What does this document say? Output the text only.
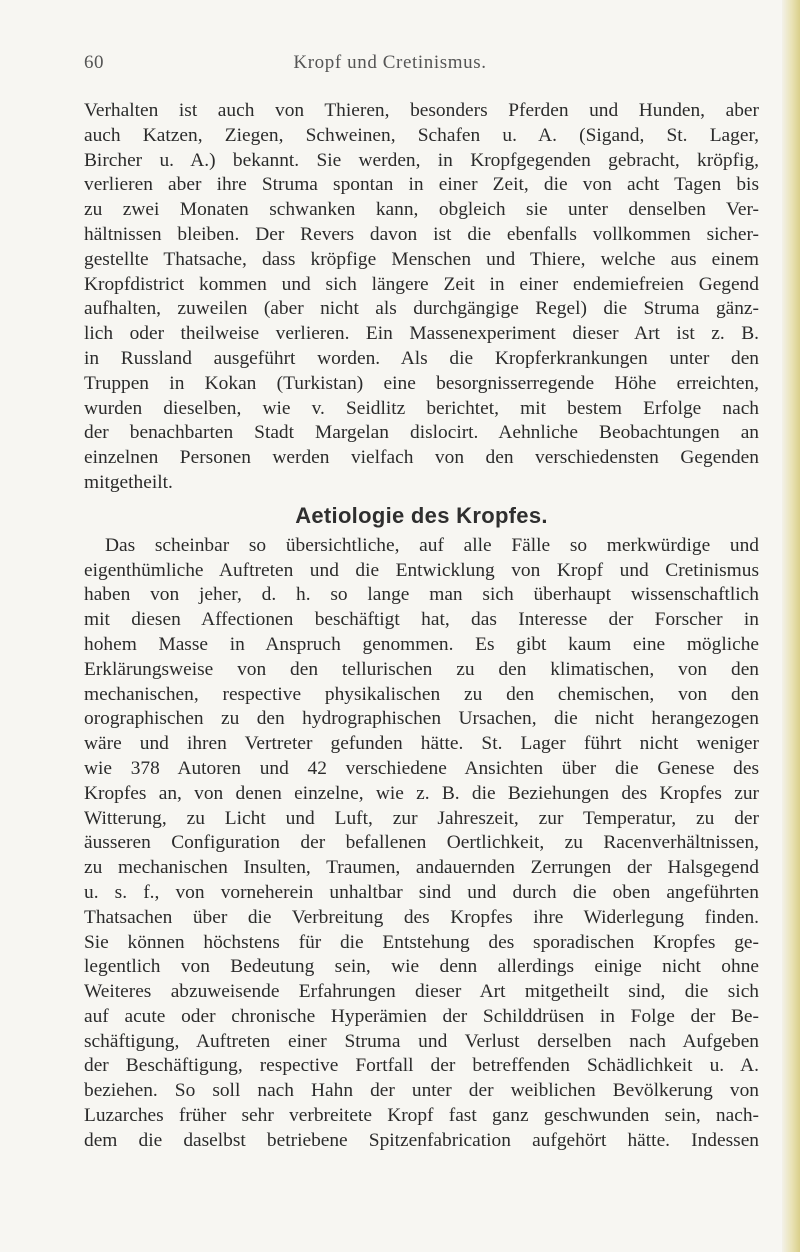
60	Kropf und Cretinismus.
Verhalten ist auch von Thieren, besonders Pferden und Hunden, aber
auch Katzen, Ziegen, Schweinen, Schafen u. A. (Sigand, St. Lager,
Bircher u. A.) bekannt. Sie werden, in Kropfgegenden gebracht, kröpfig,
verlieren aber ihre Struma spontan in einer Zeit, die von acht Tagen bis
zu zwei Monaten schwanken kann, obgleich sie unter denselben Ver-
hältnissen bleiben. Der Revers davon ist die ebenfalls vollkommen sicher-
gestellte Thatsache, dass kröpfige Menschen und Thiere, welche aus einem
Kropfdistrict kommen und sich längere Zeit in einer endemiefreien Gegend
aufhalten, zuweilen (aber nicht als durchgängige Regel) die Struma gänz-
lich oder theilweise verlieren. Ein Massenexperiment dieser Art ist z. B.
in Russland ausgeführt worden. Als die Kropferkrankungen unter den
Truppen in Kokan (Turkistan) eine besorgnisserregende Höhe erreichten,
wurden dieselben, wie v. Seidlitz berichtet, mit bestem Erfolge nach
der benachbarten Stadt Margelan dislocirt. Aehnliche Beobachtungen an
einzelnen Personen werden vielfach von den verschiedensten Gegenden
mitgetheilt.
Aetiologie des Kropfes.
Das scheinbar so übersichtliche, auf alle Fälle so merkwürdige und
eigenthümliche Auftreten und die Entwicklung von Kropf und Cretinismus
haben von jeher, d. h. so lange man sich überhaupt wissenschaftlich
mit diesen Affectionen beschäftigt hat, das Interesse der Forscher in
hohem Masse in Anspruch genommen. Es gibt kaum eine mögliche
Erklärungsweise von den tellurischen zu den klimatischen, von den
mechanischen, respective physikalischen zu den chemischen, von den
orographischen zu den hydrographischen Ursachen, die nicht herangezogen
wäre und ihren Vertreter gefunden hätte. St. Lager führt nicht weniger
wie 378 Autoren und 42 verschiedene Ansichten über die Genese des
Kropfes an, von denen einzelne, wie z. B. die Beziehungen des Kropfes zur
Witterung, zu Licht und Luft, zur Jahreszeit, zur Temperatur, zu der
äusseren Configuration der befallenen Oertlichkeit, zu Racenverhältnissen,
zu mechanischen Insulten, Traumen, andauernden Zerrungen der Halsgegend
u. s. f., von vorneherein unhaltbar sind und durch die oben angeführten
Thatsachen über die Verbreitung des Kropfes ihre Widerlegung finden.
Sie können höchstens für die Entstehung des sporadischen Kropfes ge-
legentlich von Bedeutung sein, wie denn allerdings einige nicht ohne
Weiteres abzuweisende Erfahrungen dieser Art mitgetheilt sind, die sich
auf acute oder chronische Hyperämien der Schilddrüsen in Folge der Be-
schäftigung, Auftreten einer Struma und Verlust derselben nach Aufgeben
der Beschäftigung, respective Fortfall der betreffenden Schädlichkeit u. A.
beziehen. So soll nach Hahn der unter der weiblichen Bevölkerung von
Luzarches früher sehr verbreitete Kropf fast ganz geschwunden sein, nach-
dem die daselbst betriebene Spitzenfabrication aufgehört hätte. Indessen
